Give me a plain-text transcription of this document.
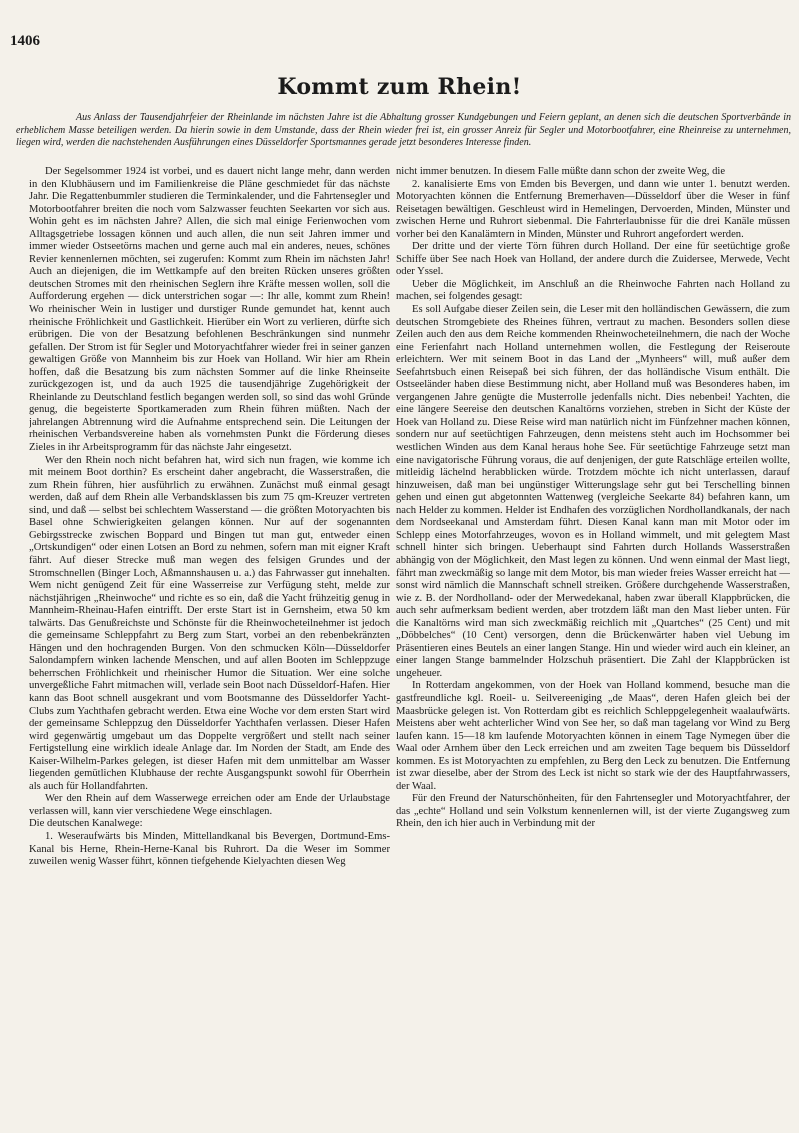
1406
Kommt zum Rhein!
Aus Anlass der Tausendjahrfeier der Rheinlande im nächsten Jahre ist die Abhaltung grosser Kundgebungen und Feiern geplant, an denen sich die deutschen Sportverbände in erheblichem Masse beteiligen werden. Da hierin sowie in dem Umstande, dass der Rhein wieder frei ist, ein grosser Anreiz für Segler und Motorbootfahrer, eine Rheinreise zu unternehmen, liegen wird, werden die nachstehenden Ausführungen eines Düsseldorfer Sportsmannes gerade jetzt besonderes Interesse finden.

Der Segelsommer 1924 ist vorbei, und es dauert nicht lange mehr, dann werden in den Klubhäusern und im Familienkreise die Pläne geschmiedet für das nächste Jahr. Die Regattenbummler studieren die Terminkalender, und die Fahrtensegler und Motorbootfahrer breiten die noch vom Salzwasser feuchten Seekarten vor sich aus. Wohin geht es im nächsten Jahre? Allen, die sich mal einige Ferienwochen vom Alltagsgetriebe lossagen können und auch allen, die nun seit Jahren immer und immer wieder Ostseetörns machen und gerne auch mal ein anderes, neues, schönes Revier kennenlernen möchten, sei zugerufen: Kommt zum Rhein im nächsten Jahr! Auch an diejenigen, die im Wettkampfe auf den breiten Rücken unseres größten deutschen Stromes mit den rheinischen Seglern ihre Kräfte messen wollen, soll die Aufforderung ergehen — dick unterstrichen sogar —: Ihr alle, kommt zum Rhein! Wo rheinischer Wein in lustiger und durstiger Runde gemundet hat, kennt auch rheinische Fröhlichkeit und Gastlichkeit. Hierüber ein Wort zu verlieren, dürfte sich erübrigen. Die von der Besatzung befohlenen Beschränkungen sind nunmehr gefallen. Der Strom ist für Segler und Motoryachtfahrer wieder frei in seiner ganzen gewaltigen Größe von Mannheim bis zur Hoek van Holland. Wir hier am Rhein hoffen, daß die Besatzung bis zum nächsten Sommer auf die linke Rheinseite zurückgezogen ist, und da auch 1925 die tausendjährige Zugehörigkeit der Rheinlande zu Deutschland festlich begangen werden soll, so sind das wohl Gründe genug, die begeisterte Sportkameraden zum Rhein führen müßten. Nach der jahrelangen Abtrennung wird die Aufnahme entsprechend sein. Die Leitungen der rheinischen Verbandsvereine haben als vornehmsten Punkt die Förderung dieses Zieles in ihr Arbeitsprogramm für das nächste Jahr eingesetzt.

Wer den Rhein noch nicht befahren hat, wird sich nun fragen, wie komme ich mit meinem Boot dorthin? Es erscheint daher angebracht, die Wasserstraßen, die zum Rhein führen, hier ausführlich zu erwähnen. Zunächst muß einmal gesagt werden, daß auf dem Rhein alle Verbandsklassen bis zum 75 qm-Kreuzer vertreten sind, und daß — selbst bei schlechtem Wasserstand — die größten Motoryachten bis Basel ohne Schwierigkeiten gelangen können. Nur auf der sogenannten Gebirgsstrecke zwischen Boppard und Bingen tut man gut, entweder einen „Ortskundigen“ oder einen Lotsen an Bord zu nehmen, sofern man mit eigner Kraft fährt. Auf dieser Strecke muß man wegen des felsigen Grundes und der Stromschnellen (Binger Loch, Aßmannshausen u. a.) das Fahrwasser gut innehalten. Wem nicht genügend Zeit für eine Wasserreise zur Verfügung steht, melde zur nächstjährigen „Rheinwoche“ und richte es so ein, daß die Yacht frühzeitig genug in Mannheim-Rheinau-Hafen eintrifft. Der erste Start ist in Gernsheim, etwa 50 km talwärts. Das Genußreichste und Schönste für die Rheinwocheteilnehmer ist jedoch die gemeinsame Schleppfahrt zu Berg zum Start, vorbei an den rebenbekränzten Hängen und den hochragenden Burgen. Von den schmucken Köln—Düsseldorfer Salondampfern winken lachende Menschen, und auf allen Booten im Schleppzuge beherrschen Fröhlichkeit und rheinischer Humor die Situation. Wer eine solche unvergeßliche Fahrt mitmachen will, verlade sein Boot nach Düsseldorf-Hafen. Hier kann das Boot schnell ausgekrant und vom Bootsmanne des Düsseldorfer Yacht-Clubs zum Yachthafen gebracht werden. Etwa eine Woche vor dem ersten Start wird der gemeinsame Schleppzug den Düsseldorfer Yachthafen verlassen. Dieser Hafen wird gegenwärtig umgebaut um das Doppelte vergrößert und stellt nach seiner Fertigstellung eine wirklich ideale Anlage dar. Im Norden der Stadt, am Ende des Kaiser-Wilhelm-Parkes gelegen, ist dieser Hafen mit dem unmittelbar am Wasser liegenden gemütlichen Klubhause der rechte Ausgangspunkt sowohl für Oberrhein als auch für Hollandfahrten.

Wer den Rhein auf dem Wasserwege erreichen oder am Ende der Urlaubstage verlassen will, kann vier verschiedene Wege einschlagen.

Die deutschen Kanalwege:

1. Weseraufwärts bis Minden, Mittellandkanal bis Bevergen, Dortmund-Ems-Kanal bis Herne, Rhein-Herne-Kanal bis Ruhrort. Da die Weser im Sommer zuweilen wenig Wasser führt, können tiefgehende Kielyachten diesen Weg

nicht immer benutzen. In diesem Falle müßte dann schon der zweite Weg, die

2. kanalisierte Ems von Emden bis Bevergen, und dann wie unter 1. benutzt werden. Motoryachten können die Entfernung Bremerhaven—Düsseldorf über die Weser in fünf Reisetagen bewältigen. Geschleust wird in Hemelingen, Dervoerden, Minden, Münster und zwischen Herne und Ruhrort siebenmal. Die Fahrterlaubnisse für die drei Kanäle müssen vorher bei den Kanalämtern in Minden, Münster und Ruhrort angefordert werden.

Der dritte und der vierte Törn führen durch Holland. Der eine für seetüchtige große Schiffe über See nach Hoek van Holland, der andere durch die Zuidersee, Merwede, Vecht oder Yssel.

Ueber die Möglichkeit, im Anschluß an die Rheinwoche Fahrten nach Holland zu machen, sei folgendes gesagt:

Es soll Aufgabe dieser Zeilen sein, die Leser mit den holländischen Gewässern, die zum deutschen Stromgebiete des Rheines führen, vertraut zu machen. Besonders sollen diese Zeilen auch den aus dem Reiche kommenden Rheinwocheteilnehmern, die nach der Woche eine Ferienfahrt nach Holland unternehmen wollen, die Festlegung der Reiseroute erleichtern. Wer mit seinem Boot in das Land der „Mynheers“ will, muß außer dem Seefahrtsbuch einen Reisepaß bei sich führen, der das holländische Visum enthält. Die Ostseeländer haben diese Bestimmung nicht, aber Holland muß was Besonderes haben, im vergangenen Jahre genügte die Musterrolle jedenfalls nicht. Dies nebenbei! Yachten, die eine längere Seereise den deutschen Kanaltörns vorziehen, streben in Sicht der Küste der Hoek van Holland zu. Diese Reise wird man natürlich nicht im Fünfzehner machen können, sondern nur auf seetüchtigen Fahrzeugen, denn meistens steht auch im Hochsommer bei westlichen Winden aus dem Kanal heraus hohe See. Für seetüchtige Fahrzeuge setzt man eine navigatorische Führung voraus, die auf denjenigen, der gute Ratschläge erteilen wollte, mitleidig lächelnd herabblicken würde. Trotzdem möchte ich nicht unterlassen, darauf hinzuweisen, daß man bei ungünstiger Witterungslage sehr gut bei Terschelling binnen gehen und einen gut abgetonnten Wattenweg (vergleiche Seekarte 84) befahren kann, um nach Helder zu kommen. Helder ist Endhafen des vorzüglichen Nordhollandkanals, der nach dem Nordseekanal und Amsterdam führt. Diesen Kanal kann man mit Motor oder im Schlepp eines Motorfahrzeuges, wovon es in Holland wimmelt, und mit gelegtem Mast schnell hinter sich bringen. Ueberhaupt sind Fahrten durch Hollands Wasserstraßen abhängig von der Möglichkeit, den Mast legen zu können. Und wenn einmal der Mast liegt, fährt man zweckmäßig so lange mit dem Motor, bis man wieder freies Wasser erreicht hat — sonst wird nämlich die Mannschaft schnell streiken. Größere durchgehende Wasserstraßen, wie z. B. der Nordholland- oder der Merwedekanal, haben zwar überall Klappbrücken, die auch sehr aufmerksam bedient werden, aber trotzdem läßt man den Mast lieber unten. Für die Kanaltörns wird man sich zweckmäßig reichlich mit „Quartches“ (25 Cent) und mit „Döbbelches“ (10 Cent) versorgen, denn die Brückenwärter haben viel Uebung im Präsentieren eines Beutels an einer langen Stange. Hin und wieder wird auch ein kleiner, an einer langen Stange bammelnder Holzschuh präsentiert. Die Zahl der Klappbrücken ist ungeheuer.

In Rotterdam angekommen, von der Hoek van Holland kommend, besuche man die gastfreundliche kgl. Roeil- u. Seilvereeniging „de Maas“, deren Hafen gleich bei der Maasbrücke gelegen ist. Von Rotterdam gibt es reichlich Schleppgelegenheit waalaufwärts. Meistens aber weht achterlicher Wind von See her, so daß man tagelang vor Wind zu Berg laufen kann. 15—18 km laufende Motoryachten können in einem Tage Nymegen über die Waal oder Arnhem über den Leck erreichen und am zweiten Tage bequem bis Düsseldorf kommen. Es ist Motoryachten zu empfehlen, zu Berg den Leck zu benutzen. Die Entfernung ist zwar dieselbe, aber der Strom des Leck ist nicht so stark wie der des Hauptfahrwassers, der Waal.

Für den Freund der Naturschönheiten, für den Fahrtensegler und Motoryachtfahrer, der das „echte“ Holland und sein Volkstum kennenlernen will, ist der vierte Zugangsweg zum Rhein, den ich hier auch in Verbindung mit der
